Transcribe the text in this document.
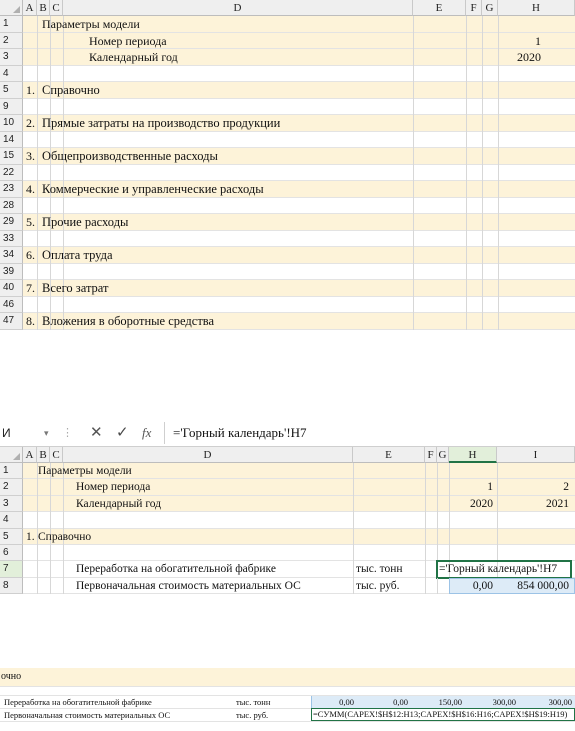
A B C	D	E	F G	H
1	Параметры модели
2	Номер периода	1
3	Календарный год	2020
4
5	1. Справочно
9
10 2. Прямые затраты на производство продукции
14
15 3. Общепроизводственные расходы
22
23 4. Коммерческие и управленческие расходы
28
29 5. Прочие расходы
33
34 6. Оплата труда
39
40 7. Всего затрат
46
47 8. Вложения в оборотные средства
И	▾ ⋮ ✕ ✓ fx	='Горный календарь'!H7
A B C	D	E	F G	H	I
1	Параметры модели
2	Номер периода	1	2
3	Календарный год	2020	2021
4
5	1. Справочно
6
7	Переработка на обогатительной фабрике	тыс. тонн	='Горный календарь'!H7
8	Первоначальная стоимость материальных ОС	тыс. руб.	0,00 854 000,00
очно
Переработка на обогатительной фабрике	тыс. тонн	0,00	0,00	150,00	300,00	300,00
Первоначальная стоимость материальных ОС	тыс. руб.	=СУММ(CAPEX!$H$12:H13;CAPEX!$H$16:H16;CAPEX!$H$19:H19)
